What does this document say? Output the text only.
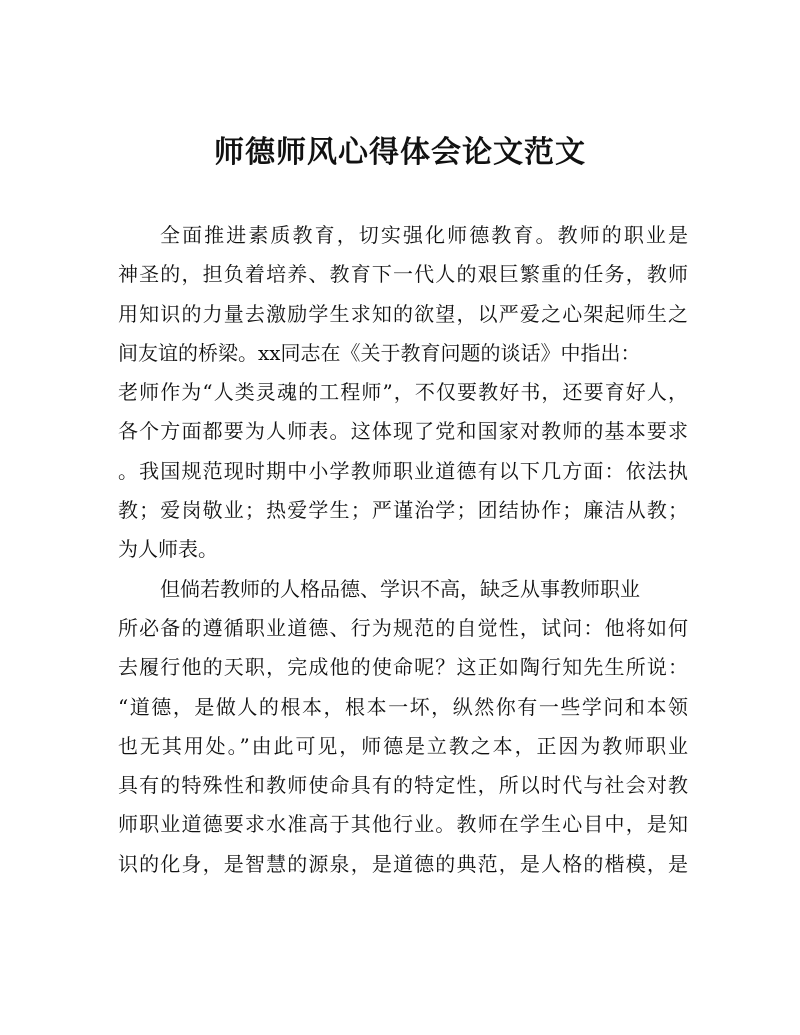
师德师风心得体会论文范文
全面推进素质教育，切实强化师德教育。教师的职业是
神圣的，担负着培养、教育下一代人的艰巨繁重的任务，教师
用知识的力量去激励学生求知的欲望，以严爱之心架起师生之
间友谊的桥梁。xx同志在《关于教育问题的谈话》中指出：
老师作为“人类灵魂的工程师”，不仅要教好书，还要育好人，
各个方面都要为人师表。这体现了党和国家对教师的基本要求
。我国规范现时期中小学教师职业道德有以下几方面：依法执
教；爱岗敬业；热爱学生；严谨治学；团结协作；廉洁从教；
为人师表。
但倘若教师的人格品德、学识不高，缺乏从事教师职业
所必备的遵循职业道德、行为规范的自觉性，试问：他将如何
去履行他的天职，完成他的使命呢？这正如陶行知先生所说：
“道德，是做人的根本，根本一坏，纵然你有一些学问和本领
也无其用处。”由此可见，师德是立教之本，正因为教师职业
具有的特殊性和教师使命具有的特定性，所以时代与社会对教
师职业道德要求水准高于其他行业。教师在学生心目中，是知
识的化身，是智慧的源泉，是道德的典范，是人格的楷模，是
